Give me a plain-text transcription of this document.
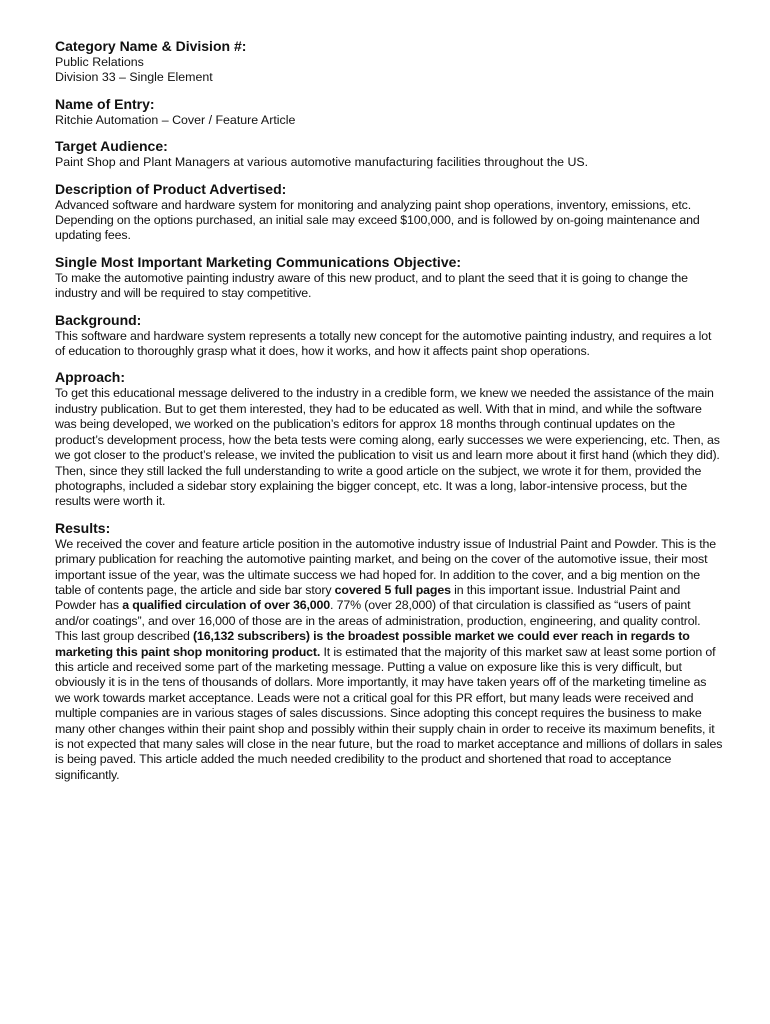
Category Name & Division #:

Public Relations

Division 33 – Single Element

Name of Entry:

Ritchie Automation – Cover / Feature Article

Target Audience:

Paint Shop and Plant Managers at various automotive manufacturing facilities throughout the US.

Description of Product Advertised:

Advanced software and hardware system for monitoring and analyzing paint shop operations, inventory, emissions, etc. Depending on the options purchased, an initial sale may exceed $100,000, and is followed by on-going maintenance and updating fees.

Single Most Important Marketing Communications Objective:

To make the automotive painting industry aware of this new product, and to plant the seed that it is going to change the industry and will be required to stay competitive.

Background:

This software and hardware system represents a totally new concept for the automotive painting industry, and requires a lot of education to thoroughly grasp what it does, how it works, and how it affects paint shop operations.

Approach:

To get this educational message delivered to the industry in a credible form, we knew we needed the assistance of the main industry publication. But to get them interested, they had to be educated as well. With that in mind, and while the software was being developed, we worked on the publication’s editors for approx 18 months through continual updates on the product’s development process, how the beta tests were coming along, early successes we were experiencing, etc. Then, as we got closer to the product’s release, we invited the publication to visit us and learn more about it first hand (which they did). Then, since they still lacked the full understanding to write a good article on the subject, we wrote it for them, provided the photographs, included a sidebar story explaining the bigger concept, etc. It was a long, labor-intensive process, but the results were worth it.

Results:

We received the cover and feature article position in the automotive industry issue of Industrial Paint and Powder. This is the primary publication for reaching the automotive painting market, and being on the cover of the automotive issue, their most important issue of the year, was the ultimate success we had hoped for. In addition to the cover, and a big mention on the table of contents page, the article and side bar story covered 5 full pages in this important issue. Industrial Paint and Powder has a qualified circulation of over 36,000. 77% (over 28,000) of that circulation is classified as “users of paint and/or coatings”, and over 16,000 of those are in the areas of administration, production, engineering, and quality control. This last group described (16,132 subscribers) is the broadest possible market we could ever reach in regards to marketing this paint shop monitoring product. It is estimated that the majority of this market saw at least some portion of this article and received some part of the marketing message. Putting a value on exposure like this is very difficult, but obviously it is in the tens of thousands of dollars. More importantly, it may have taken years off of the marketing timeline as we work towards market acceptance. Leads were not a critical goal for this PR effort, but many leads were received and multiple companies are in various stages of sales discussions. Since adopting this concept requires the business to make many other changes within their paint shop and possibly within their supply chain in order to receive its maximum benefits, it is not expected that many sales will close in the near future, but the road to market acceptance and millions of dollars in sales is being paved. This article added the much needed credibility to the product and shortened that road to acceptance significantly.
